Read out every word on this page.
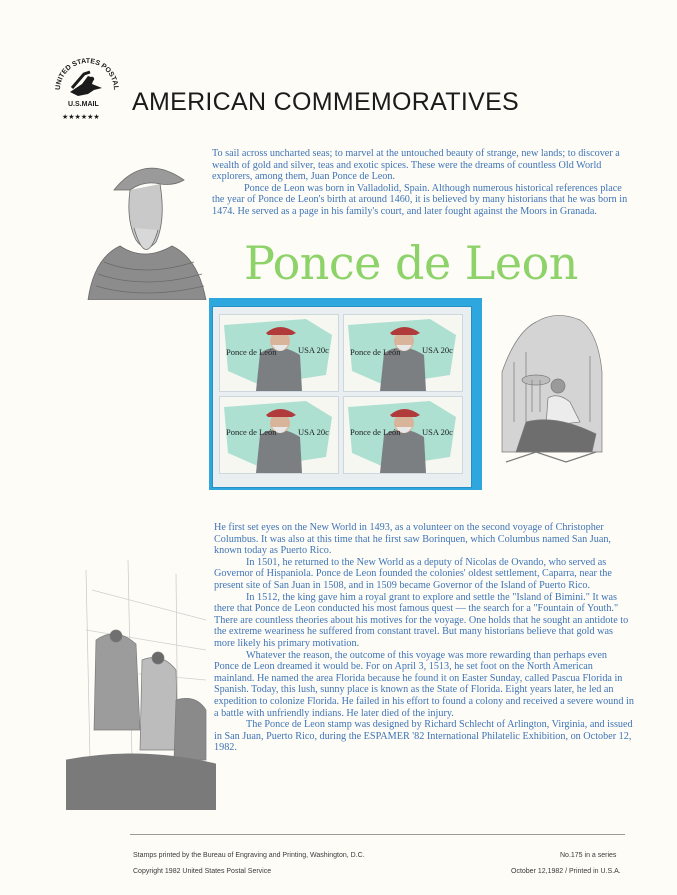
UNITED STATES POSTAL
U.S.MAIL
★★★★★★
AMERICAN COMMEMORATIVES

To sail across uncharted seas; to marvel at the untouched beauty of strange, new lands; to discover a wealth of gold and silver, teas and exotic spices. These were the dreams of countless Old World explorers, among them, Juan Ponce de Leon.

Ponce de Leon was born in Valladolid, Spain. Although numerous historical references place the year of Ponce de Leon's birth at around 1460, it is believed by many historians that he was born in 1474. He served as a page in his family's court, and later fought against the Moors in Granada.

Ponce de Leon
Ponce de León	USA 20c Ponce de León	USA 20c
Ponce de León	USA 20c Ponce de León	USA 20c

He first set eyes on the New World in 1493, as a volunteer on the second voyage of Christopher Columbus. It was also at this time that he first saw Borinquen, which Columbus named San Juan, known today as Puerto Rico.

In 1501, he returned to the New World as a deputy of Nicolas de Ovando, who served as Governor of Hispaniola. Ponce de Leon founded the colonies' oldest settlement, Caparra, near the present site of San Juan in 1508, and in 1509 became Governor of the Island of Puerto Rico.

In 1512, the king gave him a royal grant to explore and settle the "Island of Bimini." It was there that Ponce de Leon conducted his most famous quest — the search for a "Fountain of Youth." There are countless theories about his motives for the voyage. One holds that he sought an antidote to the extreme weariness he suffered from constant travel. But many historians believe that gold was more likely his primary motivation.

Whatever the reason, the outcome of this voyage was more rewarding than perhaps even Ponce de Leon dreamed it would be. For on April 3, 1513, he set foot on the North American mainland. He named the area Florida because he found it on Easter Sunday, called Pascua Florida in Spanish. Today, this lush, sunny place is known as the State of Florida. Eight years later, he led an expedition to colonize Florida. He failed in his effort to found a colony and received a severe wound in a battle with unfriendly indians. He later died of the injury.

The Ponce de Leon stamp was designed by Richard Schlecht of Arlington, Virginia, and issued in San Juan, Puerto Rico, during the ESPAMER '82 International Philatelic Exhibition, on October 12, 1982.

Stamps printed by the Bureau of Engraving and Printing, Washington, D.C.	No.175 in a series
Copyright 1982 United States Postal Service	October 12,1982 / Printed in U.S.A.
